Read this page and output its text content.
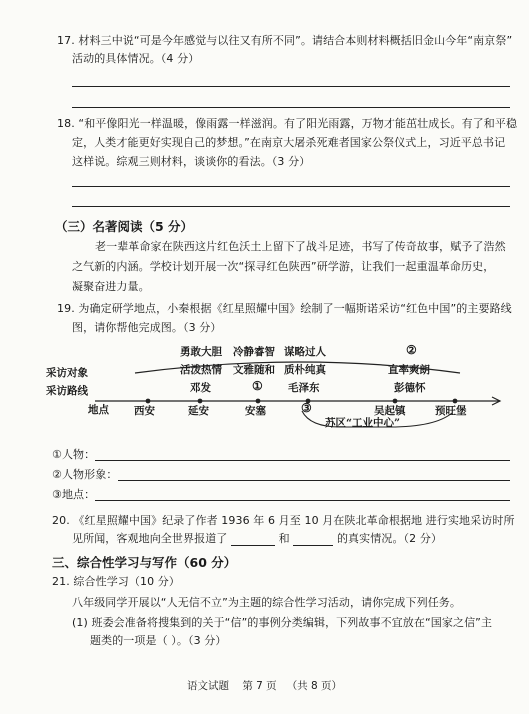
17. 材料三中说“可是今年感觉与以往又有所不同”。请结合本则材料概括旧金山今年“南京祭”
活动的具体情况。（4 分）
18. “和平像阳光一样温暖，像雨露一样滋润。有了阳光雨露，万物才能茁壮成长。有了和平稳
定，人类才能更好实现自己的梦想。”在南京大屠杀死难者国家公祭仪式上，习近平总书记
这样说。综观三则材料，谈谈你的看法。（3 分）
（三）名著阅读（5 分）
老一辈革命家在陕西这片红色沃土上留下了战斗足迹，书写了传奇故事，赋予了浩然
之气新的内涵。学校计划开展一次“探寻红色陕西”研学游，让我们一起重温革命历史，
凝聚奋进力量。
19. 为确定研学地点，小秦根据《红星照耀中国》绘制了一幅斯诺采访“红色中国”的主要路线
图，请你帮他完成图。（3 分）
采访对象
采访路线
地点
勇敢大胆
活泼热情
邓发
冷静睿智
文雅随和
①
谋略过人
质朴纯真
毛泽东
②
直率爽朗
彭德怀
西安	延安	安塞	③	吴起镇	预旺堡
苏区“工业中心”
①人物：
②人物形象：
③地点：
20. 《红星照耀中国》纪录了作者 1936 年 6 月至 10 月在陕北革命根据地 进行实地采访时所
见所闻，客观地向全世界报道了	和	的真实情况。（2 分）
三、综合性学习与写作（60 分）
21. 综合性学习（10 分）
八年级同学开展以“人无信不立”为主题的综合性学习活动，请你完成下列任务。
(1) 班委会准备将搜集到的关于“信”的事例分类编辑，下列故事不宜放在“国家之信”主
题类的一项是（ ）。（3 分）
语文试题 第 7 页 （共 8 页）
